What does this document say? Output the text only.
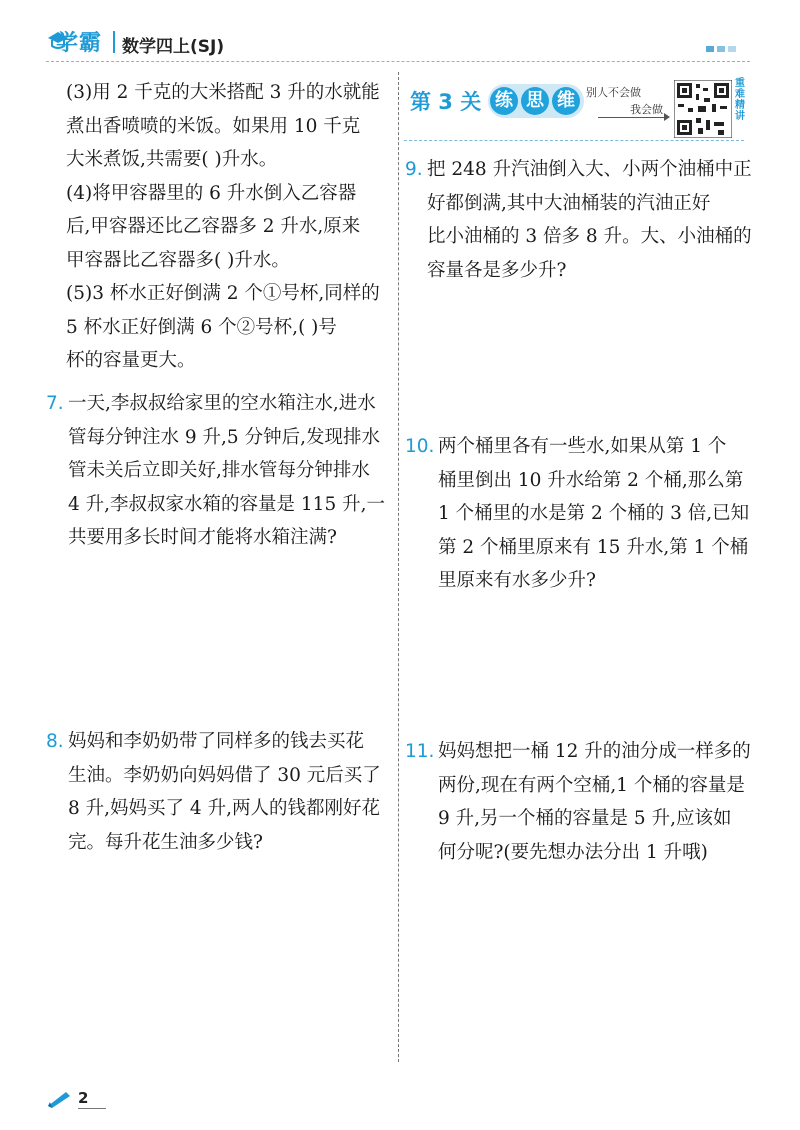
学霸 数学四上(SJ)

(3)用 2 千克的大米搭配 3 升的水就能

煮出香喷喷的米饭。如果用 10 千克

大米煮饭,共需要( )升水。

(4)将甲容器里的 6 升水倒入乙容器

后,甲容器还比乙容器多 2 升水,原来

甲容器比乙容器多( )升水。

(5)3 杯水正好倒满 2 个①号杯,同样的

5 杯水正好倒满 6 个②号杯,( )号

杯的容量更大。

7. 一天,李叔叔给家里的空水箱注水,进水

管每分钟注水 9 升,5 分钟后,发现排水

管未关后立即关好,排水管每分钟排水

4 升,李叔叔家水箱的容量是 115 升,一

共要用多长时间才能将水箱注满?

8. 妈妈和李奶奶带了同样多的钱去买花

生油。李奶奶向妈妈借了 30 元后买了

8 升,妈妈买了 4 升,两人的钱都刚好花

完。每升花生油多少钱?

第 3 关 练 思 维	别人不会做
我会做
重难精讲
9. 把 248 升汽油倒入大、小两个油桶中正

好都倒满,其中大油桶装的汽油正好

比小油桶的 3 倍多 8 升。大、小油桶的

容量各是多少升?

10. 两个桶里各有一些水,如果从第 1 个

桶里倒出 10 升水给第 2 个桶,那么第

1 个桶里的水是第 2 个桶的 3 倍,已知

第 2 个桶里原来有 15 升水,第 1 个桶

里原来有水多少升?

11. 妈妈想把一桶 12 升的油分成一样多的

两份,现在有两个空桶,1 个桶的容量是

9 升,另一个桶的容量是 5 升,应该如

何分呢?(要先想办法分出 1 升哦)

2
